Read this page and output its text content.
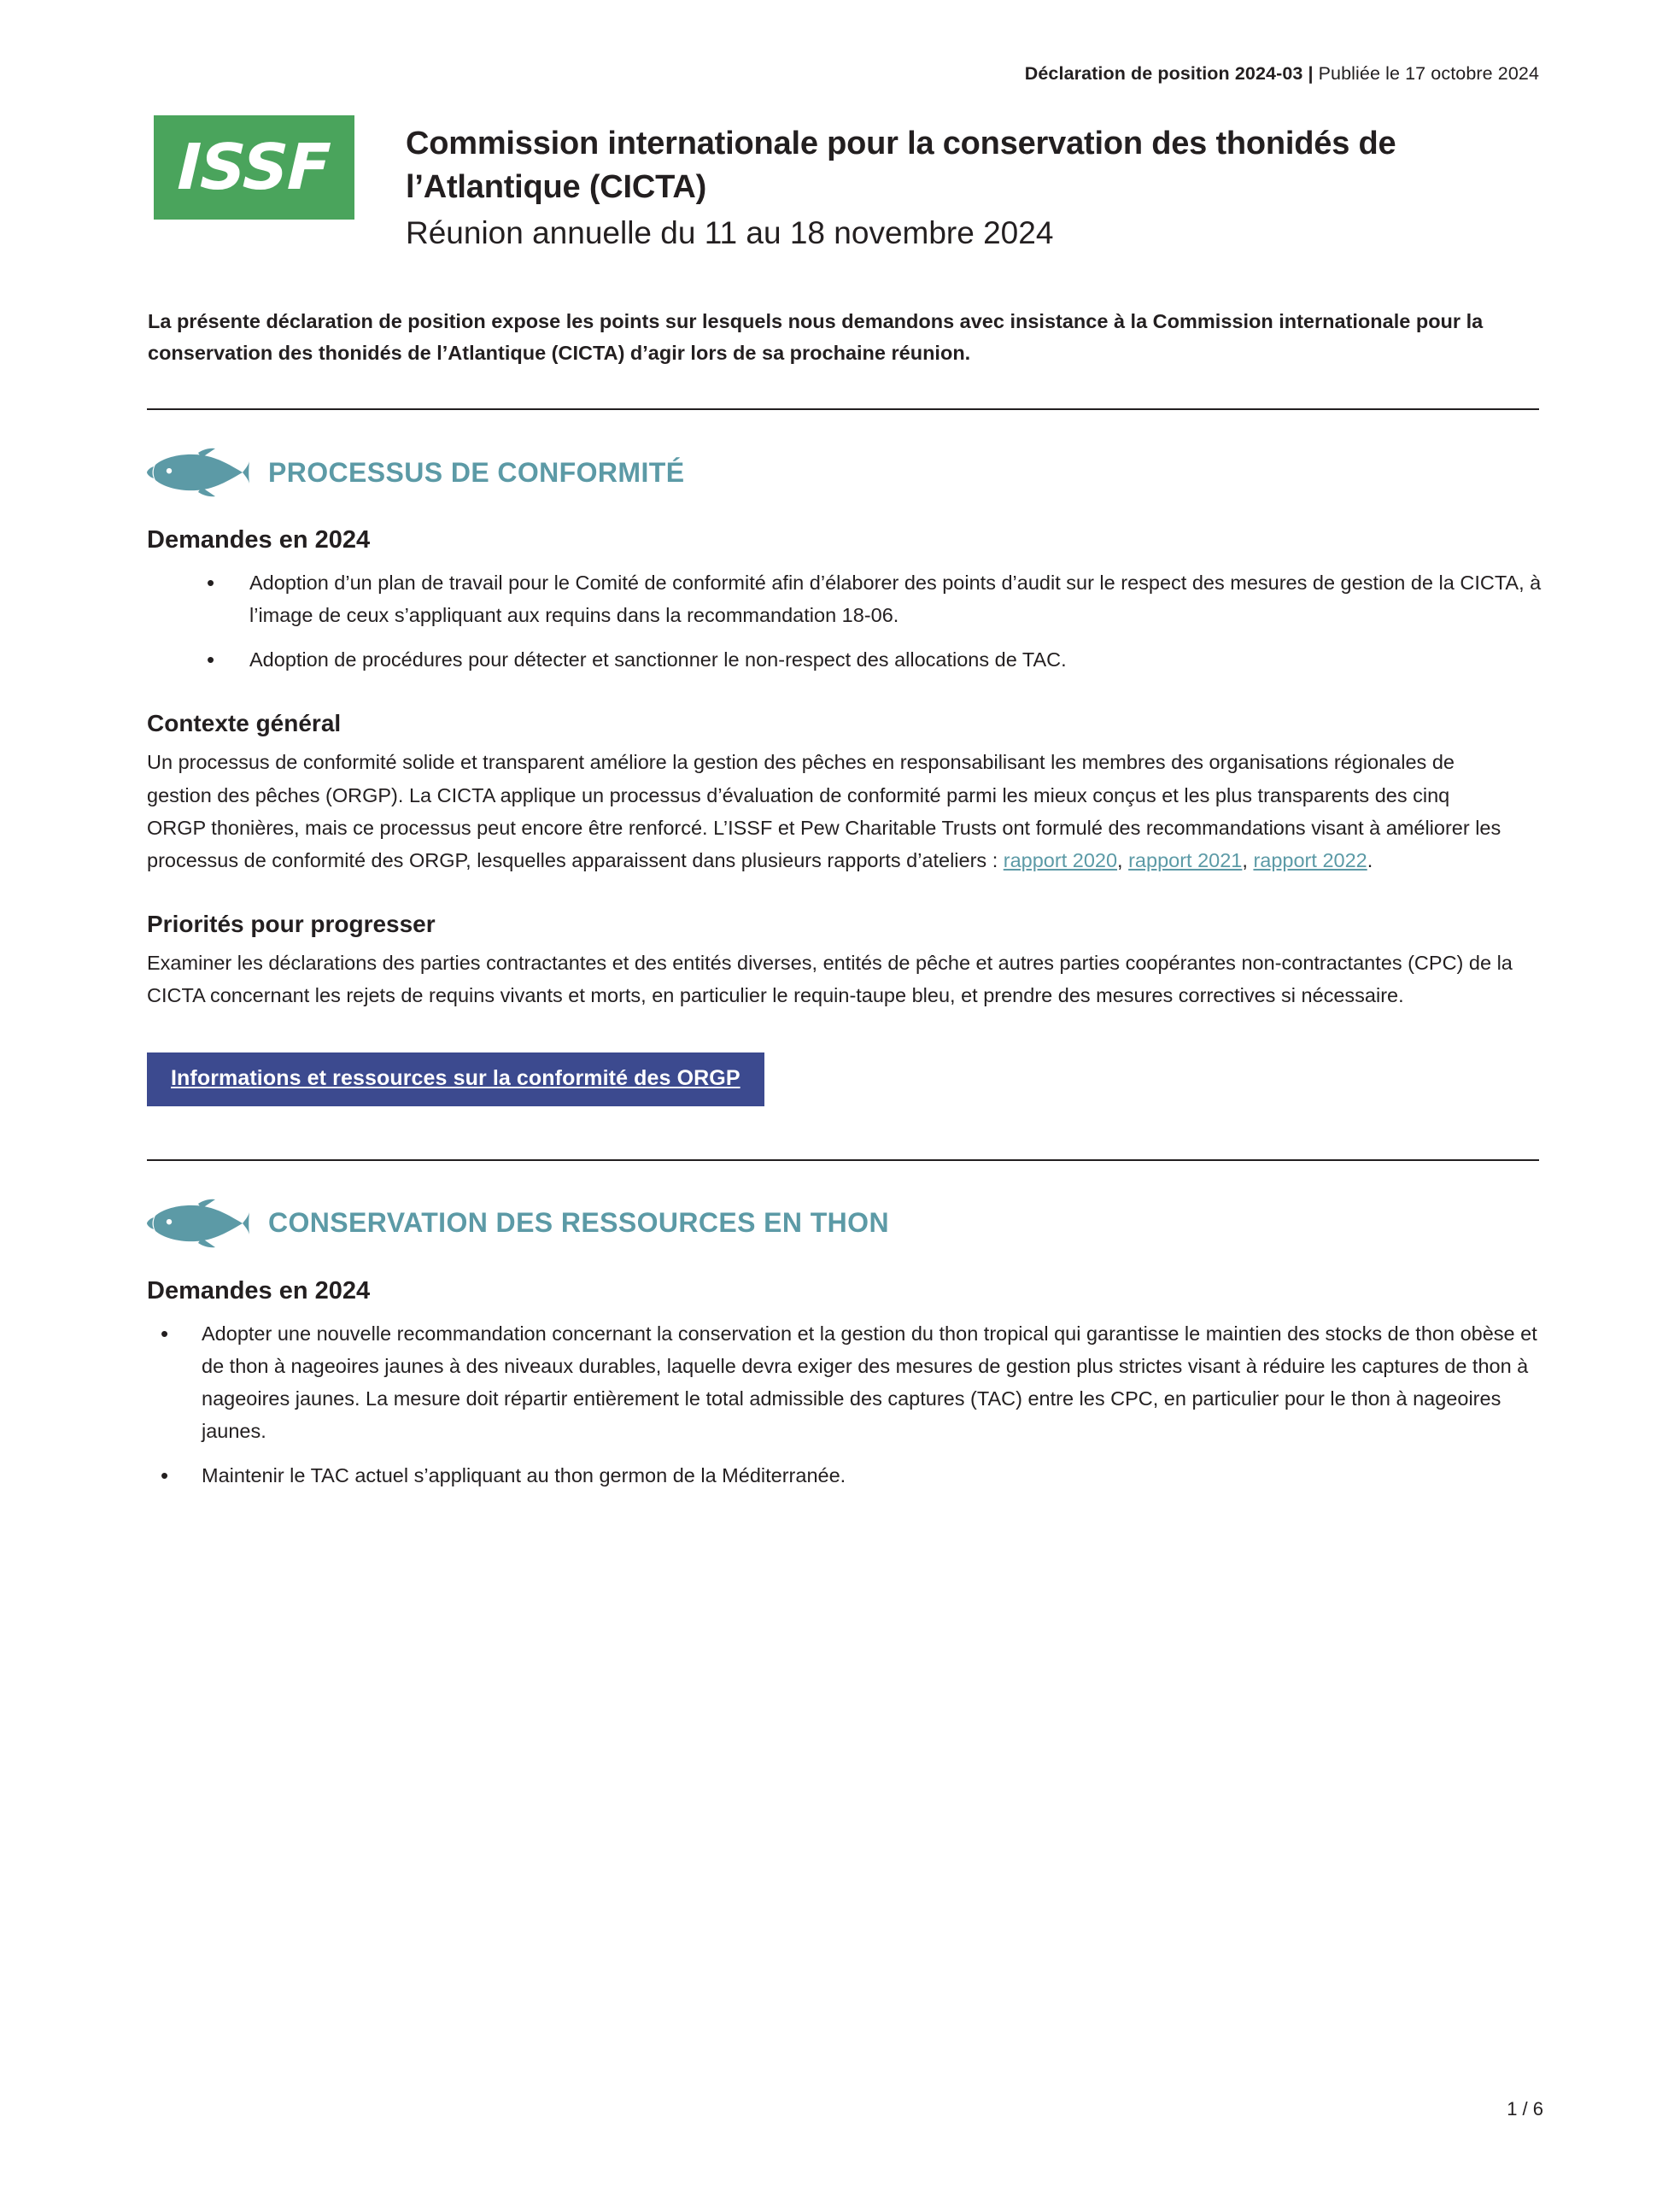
Déclaration de position 2024-03 | Publiée le 17 octobre 2024
ISSF Commission internationale pour la conservation des thonidés de l’Atlantique (CICTA)
Réunion annuelle du 11 au 18 novembre 2024

La présente déclaration de position expose les points sur lesquels nous demandons avec insistance à la Commission internationale pour la conservation des thonidés de l’Atlantique (CICTA) d’agir lors de sa prochaine réunion.

PROCESSUS DE CONFORMITÉ
Demandes en 2024
• Adoption d’un plan de travail pour le Comité de conformité afin d’élaborer des points d’audit sur le respect des mesures de gestion de la CICTA, à l’image de ceux s’appliquant aux requins dans la recommandation 18-06.
• Adoption de procédures pour détecter et sanctionner le non-respect des allocations de TAC.
Contexte général

Un processus de conformité solide et transparent améliore la gestion des pêches en responsabilisant les membres des organisations régionales de gestion des pêches (ORGP). La CICTA applique un processus d’évaluation de conformité parmi les mieux conçus et les plus transparents des cinq ORGP thonières, mais ce processus peut encore être renforcé. L’ISSF et Pew Charitable Trusts ont formulé des recommandations visant à améliorer les processus de conformité des ORGP, lesquelles apparaissent dans plusieurs rapports d’ateliers : rapport 2020, rapport 2021, rapport 2022.

Priorités pour progresser

Examiner les déclarations des parties contractantes et des entités diverses, entités de pêche et autres parties coopérantes non-contractantes (CPC) de la CICTA concernant les rejets de requins vivants et morts, en particulier le requin-taupe bleu, et prendre des mesures correctives si nécessaire.

Informations et ressources sur la conformité des ORGP
CONSERVATION DES RESSOURCES EN THON
Demandes en 2024
• Adopter une nouvelle recommandation concernant la conservation et la gestion du thon tropical qui garantisse le maintien des stocks de thon obèse et de thon à nageoires jaunes à des niveaux durables, laquelle devra exiger des mesures de gestion plus strictes visant à réduire les captures de thon à nageoires jaunes. La mesure doit répartir entièrement le total admissible des captures (TAC) entre les CPC, en particulier pour le thon à nageoires jaunes.
• Maintenir le TAC actuel s’appliquant au thon germon de la Méditerranée.
1 / 6
